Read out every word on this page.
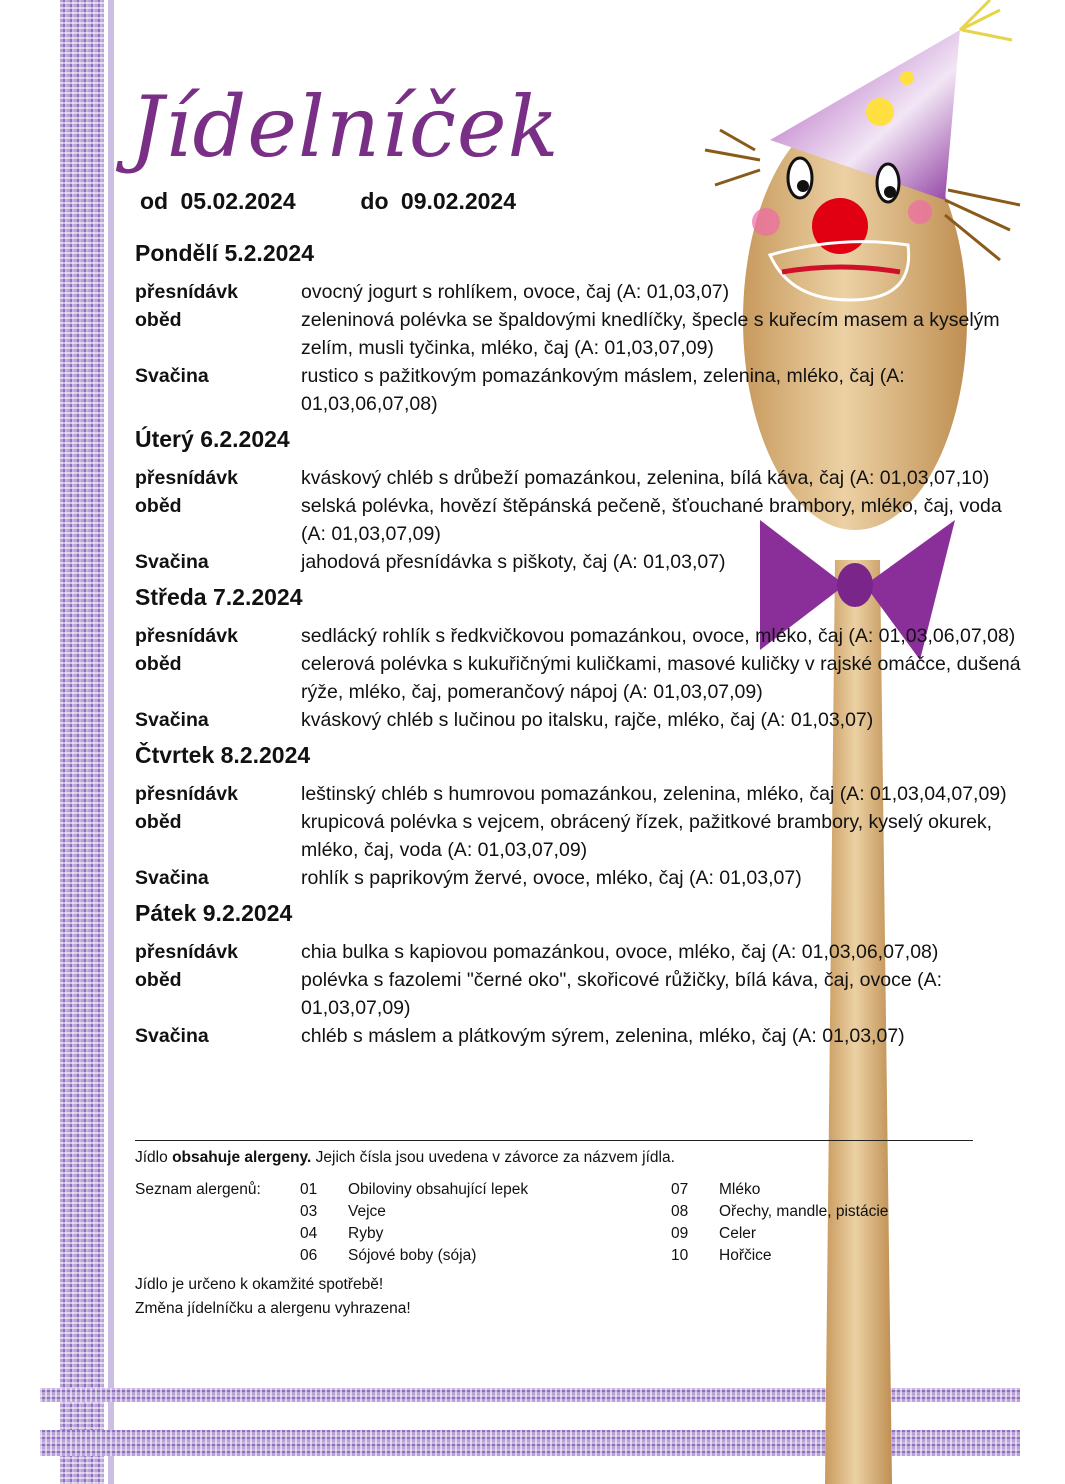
Jídelníček
od 05.02.2024	do 09.02.2024
Pondělí 5.2.2024
přesnídávk	ovocný jogurt s rohlíkem, ovoce, čaj (A: 01,03,07)
oběd	zeleninová polévka se špaldovými knedlíčky, špecle s kuřecím masem a kyselým zelím, musli tyčinka, mléko, čaj (A: 01,03,07,09)
Svačina	rustico s pažitkovým pomazánkovým máslem, zelenina, mléko, čaj (A: 01,03,06,07,08)
Úterý 6.2.2024
přesnídávk	kváskový chléb s drůbeží pomazánkou, zelenina, bílá káva, čaj (A: 01,03,07,10)
oběd	selská polévka, hovězí štěpánská pečeně, šťouchané brambory, mléko, čaj, voda (A: 01,03,07,09)
Svačina	jahodová přesnídávka s piškoty, čaj (A: 01,03,07)
Středa 7.2.2024
přesnídávk	sedlácký rohlík s ředkvičkovou pomazánkou, ovoce, mléko, čaj (A: 01,03,06,07,08)
oběd	celerová polévka s kukuřičnými kuličkami, masové kuličky v rajské omáčce, dušená rýže, mléko, čaj, pomerančový nápoj (A: 01,03,07,09)
Svačina	kváskový chléb s lučinou po italsku, rajče, mléko, čaj (A: 01,03,07)
Čtvrtek 8.2.2024
přesnídávk	leštinský chléb s humrovou pomazánkou, zelenina, mléko, čaj (A: 01,03,04,07,09)
oběd	krupicová polévka s vejcem, obrácený řízek, pažitkové brambory, kyselý okurek, mléko, čaj, voda (A: 01,03,07,09)
Svačina	rohlík s paprikovým žervé, ovoce, mléko, čaj (A: 01,03,07)
Pátek 9.2.2024
přesnídávk	chia bulka s kapiovou pomazánkou, ovoce, mléko, čaj (A: 01,03,06,07,08)
oběd	polévka s fazolemi "černé oko", skořicové růžičky, bílá káva, čaj, ovoce (A: 01,03,07,09)
Svačina	chléb s máslem a plátkovým sýrem, zelenina, mléko, čaj (A: 01,03,07)
Jídlo obsahuje alergeny. Jejich čísla jsou uvedena v závorce za názvem jídla.
Seznam alergenů:	01 Obiloviny obsahující lepek
03 Vejce
04 Ryby
06 Sójové boby (sója)
07 Mléko
08 Ořechy, mandle, pistácie
09 Celer
10 Hořčice
Jídlo je určeno k okamžité spotřebě!
Změna jídelníčku a alergenu vyhrazena!
